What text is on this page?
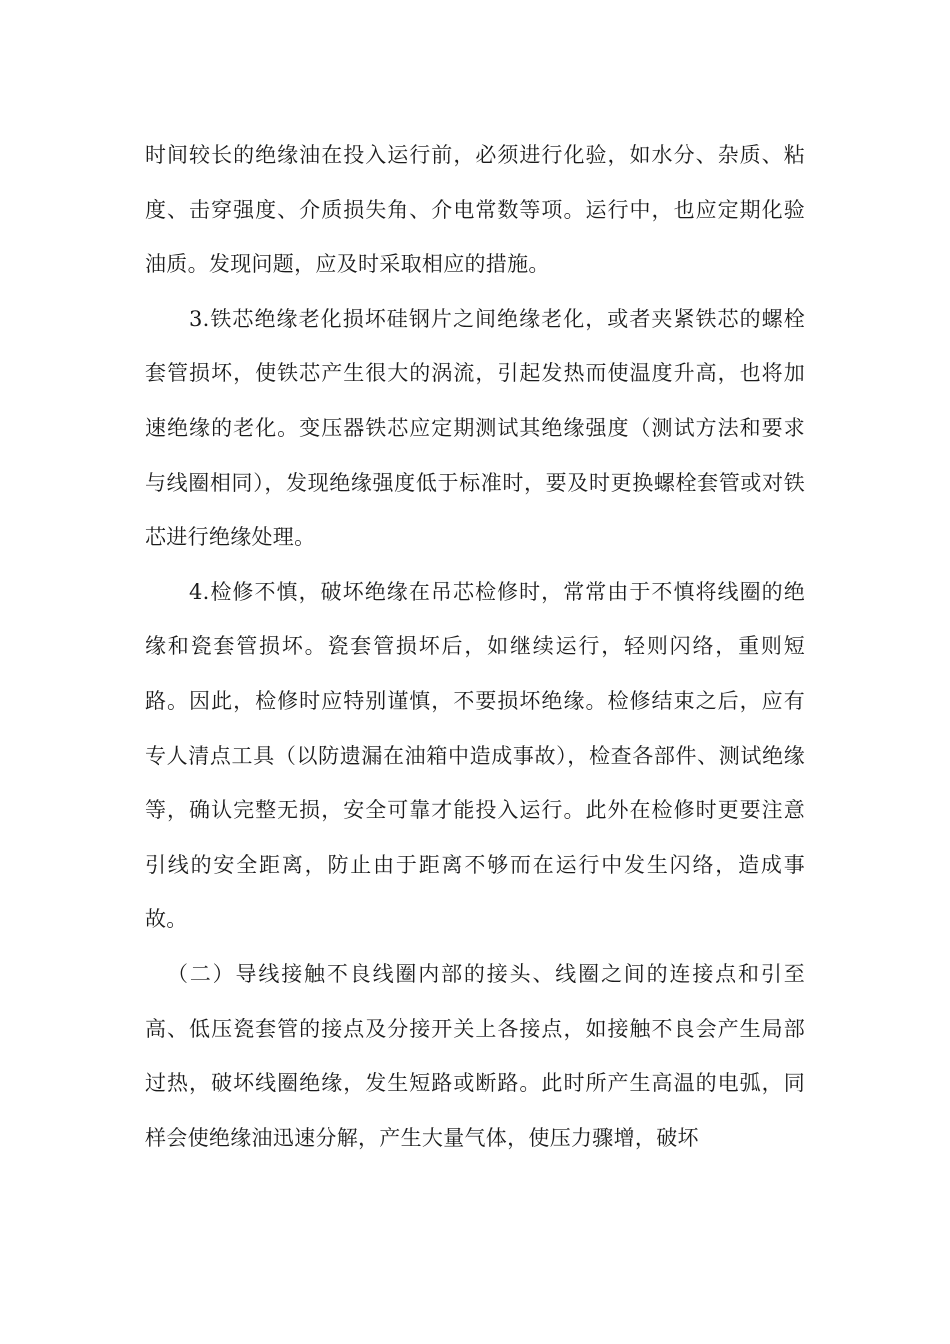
时间较长的绝缘油在投入运行前，必须进行化验，如水分、杂质、粘度、击穿强度、介质损失角、介电常数等项。运行中，也应定期化验油质。发现问题，应及时采取相应的措施。

3.铁芯绝缘老化损坏硅钢片之间绝缘老化，或者夹紧铁芯的螺栓套管损坏，使铁芯产生很大的涡流，引起发热而使温度升高，也将加速绝缘的老化。变压器铁芯应定期测试其绝缘强度（测试方法和要求与线圈相同），发现绝缘强度低于标准时，要及时更换螺栓套管或对铁芯进行绝缘处理。

4.检修不慎，破坏绝缘在吊芯检修时，常常由于不慎将线圈的绝缘和瓷套管损坏。瓷套管损坏后，如继续运行，轻则闪络，重则短路。因此，检修时应特别谨慎，不要损坏绝缘。检修结束之后，应有专人清点工具（以防遗漏在油箱中造成事故），检查各部件、测试绝缘等，确认完整无损，安全可靠才能投入运行。此外在检修时更要注意引线的安全距离，防止由于距离不够而在运行中发生闪络，造成事故。

（二）导线接触不良线圈内部的接头、线圈之间的连接点和引至高、低压瓷套管的接点及分接开关上各接点，如接触不良会产生局部过热，破坏线圈绝缘，发生短路或断路。此时所产生高温的电弧，同样会使绝缘油迅速分解，产生大量气体，使压力骤增，破坏
